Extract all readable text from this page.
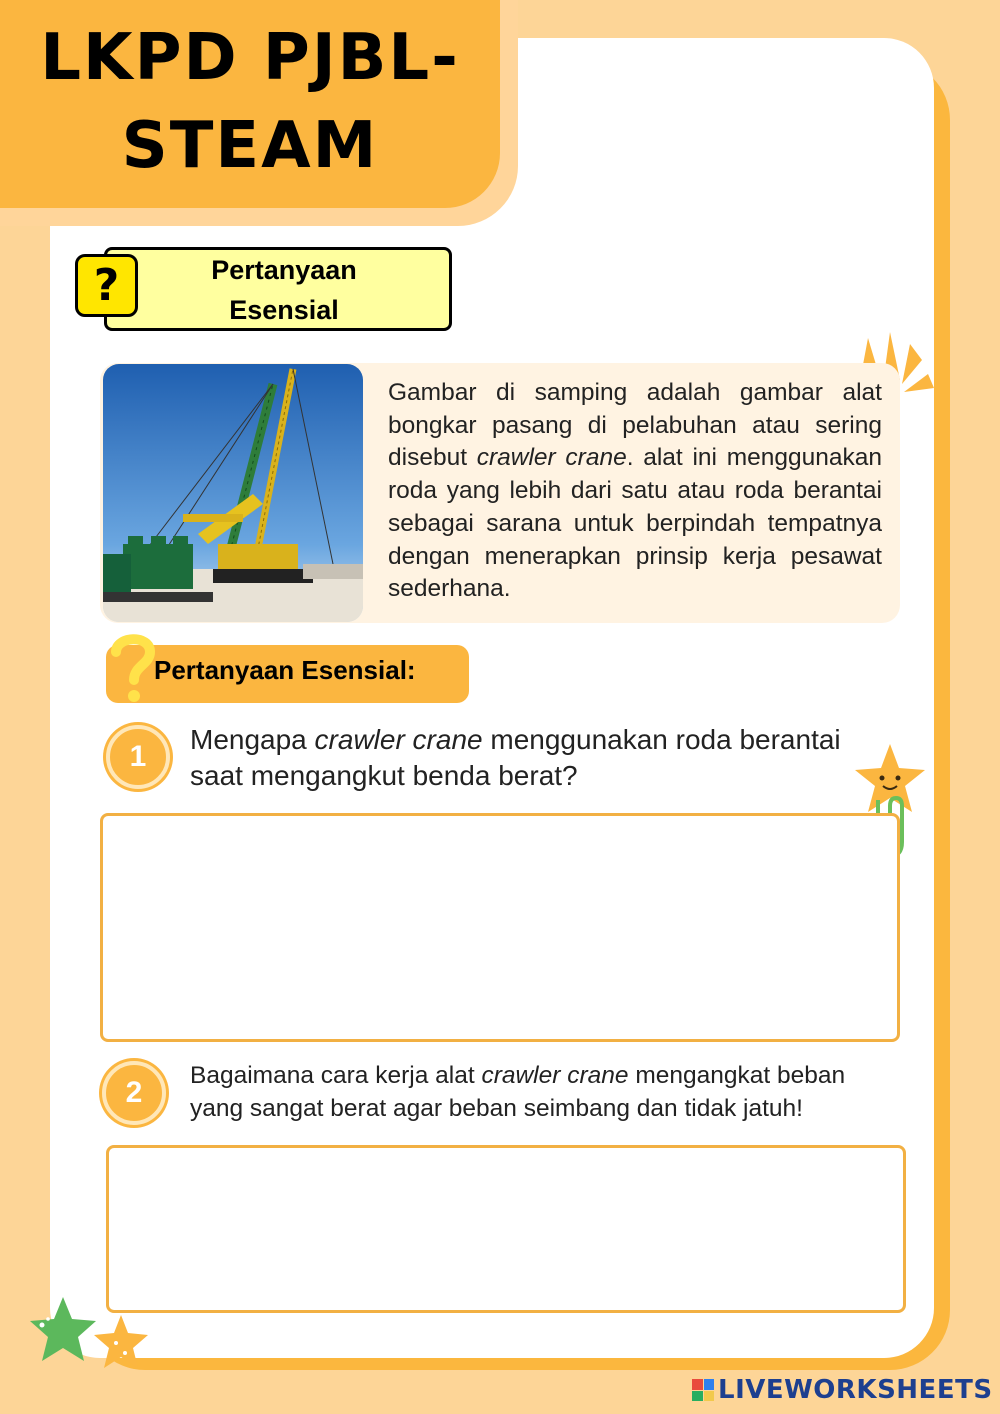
LKPD PJBL-
STEAM
Pertanyaan
Esensial
?
Gambar di samping adalah gambar alat bongkar pasang di pelabuhan atau sering disebut crawler crane. alat ini menggunakan roda yang lebih dari satu atau roda berantai sebagai sarana untuk berpindah tempatnya dengan menerapkan prinsip kerja pesawat sederhana.
Pertanyaan Esensial:
1
Mengapa crawler crane menggunakan roda berantai saat mengangkut benda berat?
2
Bagaimana cara kerja alat crawler crane mengangkat beban yang sangat berat agar beban seimbang dan tidak jatuh!
LIVEWORKSHEETS
